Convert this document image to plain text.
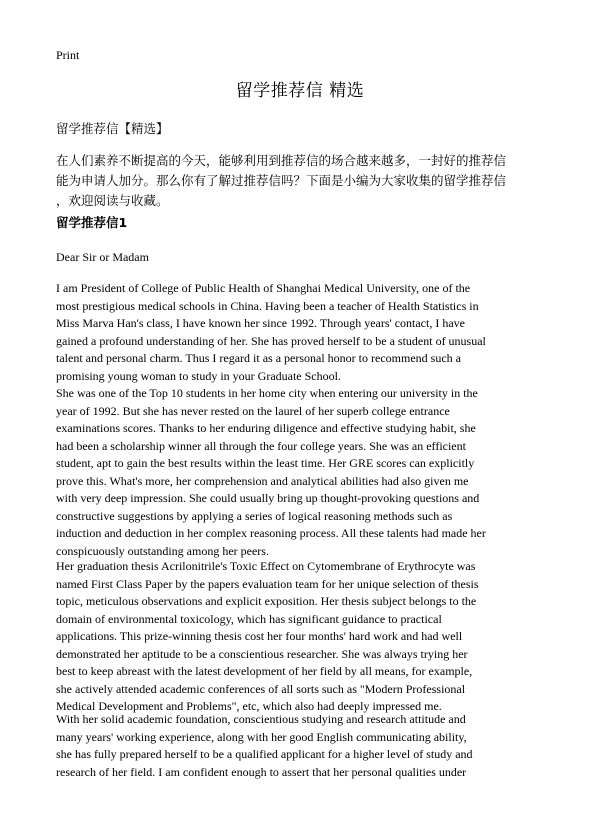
Print
留学推荐信 精选
留学推荐信【精选】
在人们素养不断提高的今天，能够利用到推荐信的场合越来越多，一封好的推荐信
能为申请人加分。那么你有了解过推荐信吗？下面是小编为大家收集的留学推荐信
，欢迎阅读与收藏。
留学推荐信1
Dear Sir or Madam
I am President of College of Public Health of Shanghai Medical University, one of the
most prestigious medical schools in China. Having been a teacher of Health Statistics in
Miss Marva Han's class, I have known her since 1992. Through years' contact, I have
gained a profound understanding of her. She has proved herself to be a student of unusual
talent and personal charm. Thus I regard it as a personal honor to recommend such a
promising young woman to study in your Graduate School.
She was one of the Top 10 students in her home city when entering our university in the
year of 1992. But she has never rested on the laurel of her superb college entrance
examinations scores. Thanks to her enduring diligence and effective studying habit, she
had been a scholarship winner all through the four college years. She was an efficient
student, apt to gain the best results within the least time. Her GRE scores can explicitly
prove this. What's more, her comprehension and analytical abilities had also given me
with very deep impression. She could usually bring up thought-provoking questions and
constructive suggestions by applying a series of logical reasoning methods such as
induction and deduction in her complex reasoning process. All these talents had made her
conspicuously outstanding among her peers.
Her graduation thesis Acrilonitrile's Toxic Effect on Cytomembrane of Erythrocyte was
named First Class Paper by the papers evaluation team for her unique selection of thesis
topic, meticulous observations and explicit exposition. Her thesis subject belongs to the
domain of environmental toxicology, which has significant guidance to practical
applications. This prize-winning thesis cost her four months' hard work and had well
demonstrated her aptitude to be a conscientious researcher. She was always trying her
best to keep abreast with the latest development of her field by all means, for example,
she actively attended academic conferences of all sorts such as "Modern Professional
Medical Development and Problems", etc, which also had deeply impressed me.
With her solid academic foundation, conscientious studying and research attitude and
many years' working experience, along with her good English communicating ability,
she has fully prepared herself to be a qualified applicant for a higher level of study and
research of her field. I am confident enough to assert that her personal qualities under
